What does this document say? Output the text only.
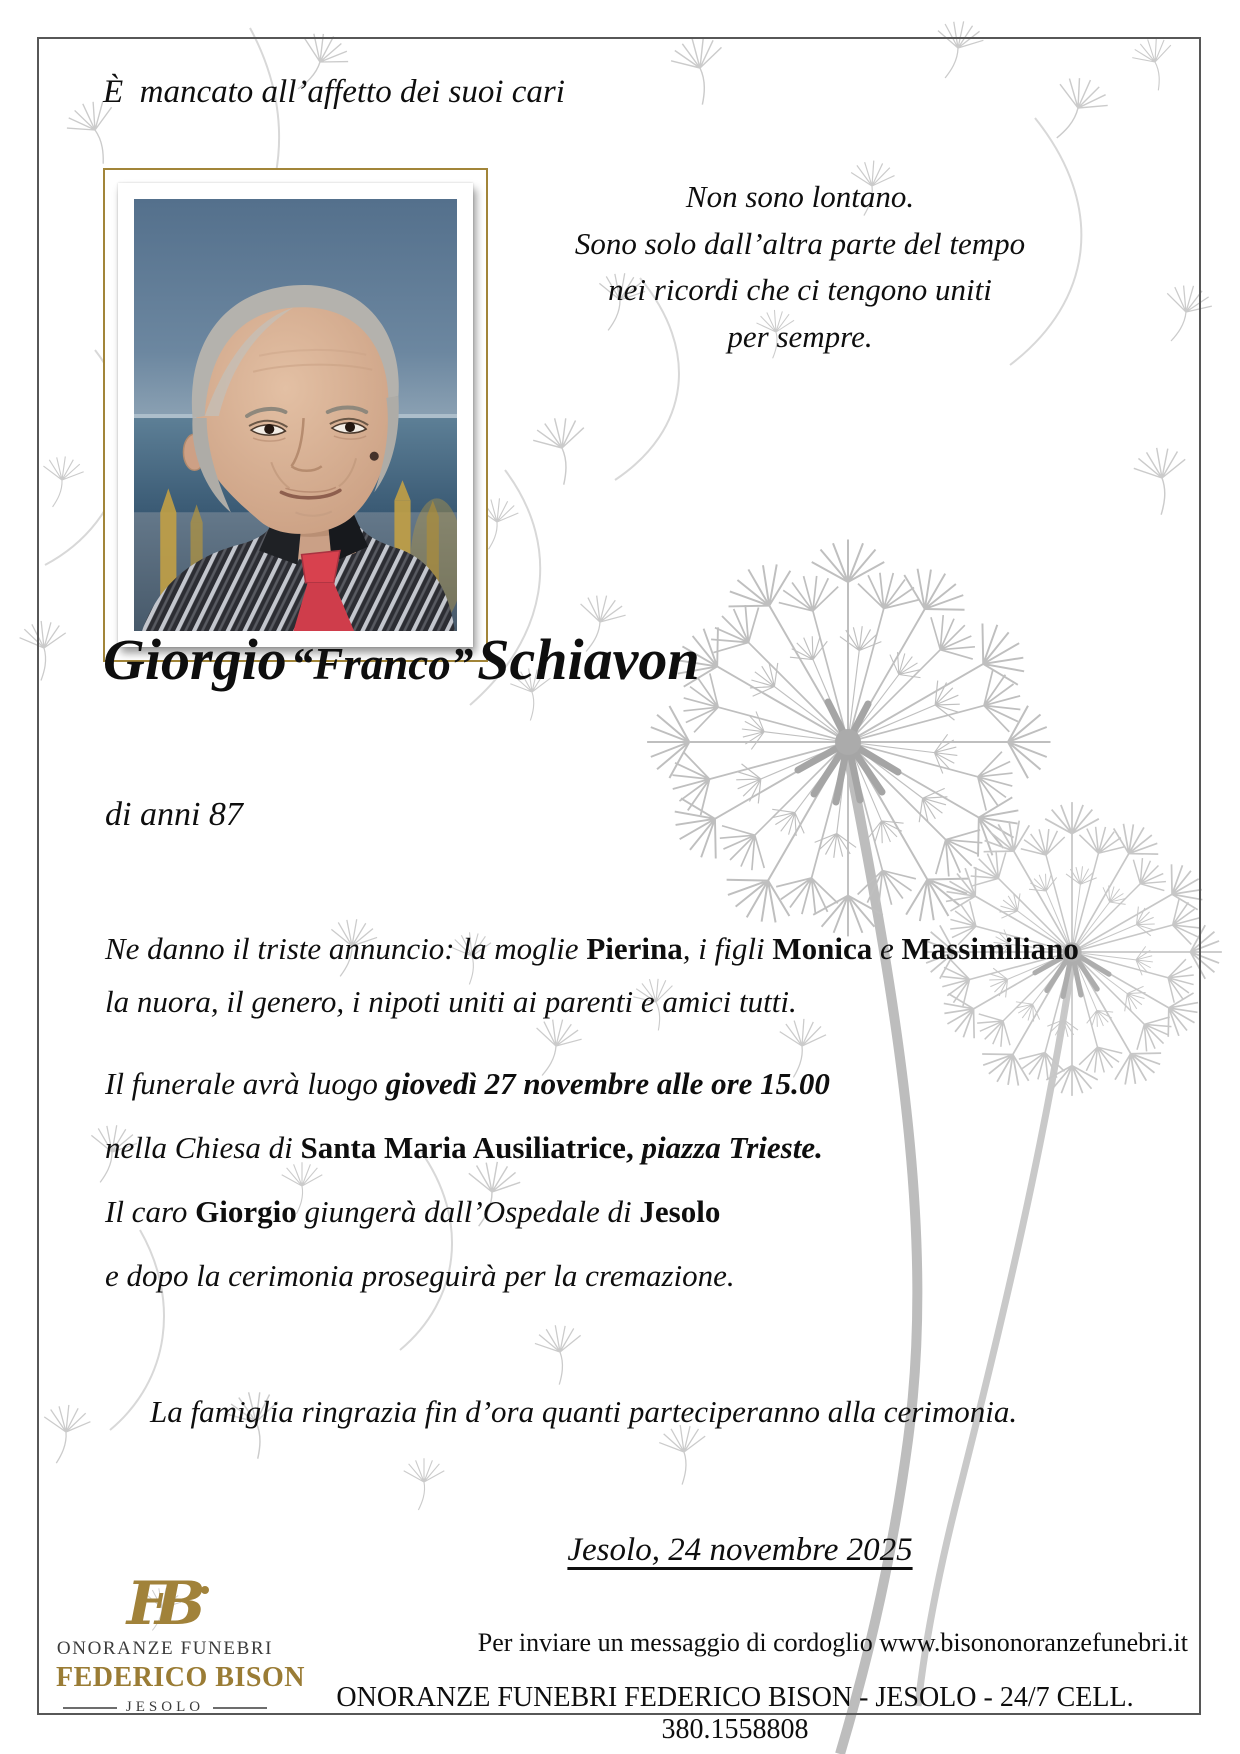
È  mancato all’affetto dei suoi cari
Non sono lontano.
Sono solo dall’altra parte del tempo
nei ricordi che ci tengono uniti
per sempre.
Giorgio “Franco” Schiavon
di anni 87
Ne danno il triste annuncio: la moglie Pierina, i figli Monica e Massimiliano
la nuora, il genero, i nipoti uniti ai parenti e amici tutti.
Il funerale avrà luogo giovedì 27 novembre alle ore 15.00
nella Chiesa di Santa Maria Ausiliatrice, piazza Trieste.
Il caro Giorgio giungerà dall’Ospedale di Jesolo
e dopo la cerimonia proseguirà per la cremazione.
La famiglia ringrazia fin d’ora quanti parteciperanno alla cerimonia.
Jesolo, 24 novembre 2025
FB
ONORANZE FUNEBRI
FEDERICO BISON
JESOLO
Per inviare un messaggio di cordoglio www.bisononoranzefunebri.it
ONORANZE FUNEBRI FEDERICO BISON - JESOLO - 24/7 CELL. 380.1558808
